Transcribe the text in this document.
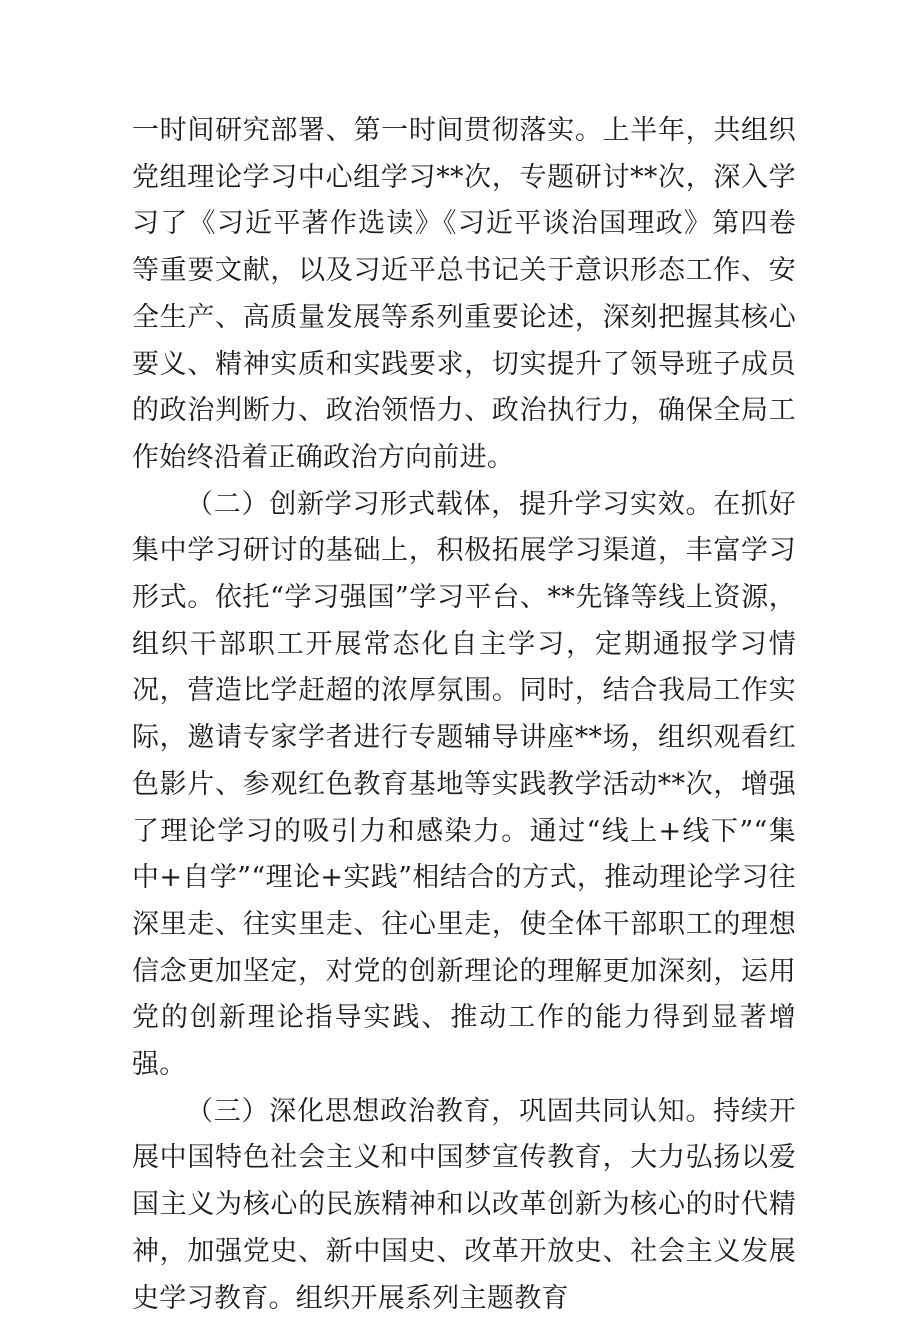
一时间研究部署、第一时间贯彻落实。上半年，共组织党组理论学习中心组学习**次，专题研讨**次，深入学习了《习近平著作选读》《习近平谈治国理政》第四卷等重要文献，以及习近平总书记关于意识形态工作、安全生产、高质量发展等系列重要论述，深刻把握其核心要义、精神实质和实践要求，切实提升了领导班子成员的政治判断力、政治领悟力、政治执行力，确保全局工作始终沿着正确政治方向前进。

（二）创新学习形式载体，提升学习实效。在抓好集中学习研讨的基础上，积极拓展学习渠道，丰富学习形式。依托“学习强国”学习平台、**先锋等线上资源，组织干部职工开展常态化自主学习，定期通报学习情况，营造比学赶超的浓厚氛围。同时，结合我局工作实际，邀请专家学者进行专题辅导讲座**场，组织观看红色影片、参观红色教育基地等实践教学活动**次，增强了理论学习的吸引力和感染力。通过“线上+线下”“集中+自学”“理论+实践”相结合的方式，推动理论学习往深里走、往实里走、往心里走，使全体干部职工的理想信念更加坚定，对党的创新理论的理解更加深刻，运用党的创新理论指导实践、推动工作的能力得到显著增强。

（三）深化思想政治教育，巩固共同认知。持续开展中国特色社会主义和中国梦宣传教育，大力弘扬以爱国主义为核心的民族精神和以改革创新为核心的时代精神，加强党史、新中国史、改革开放史、社会主义发展史学习教育。组织开展系列主题教育
